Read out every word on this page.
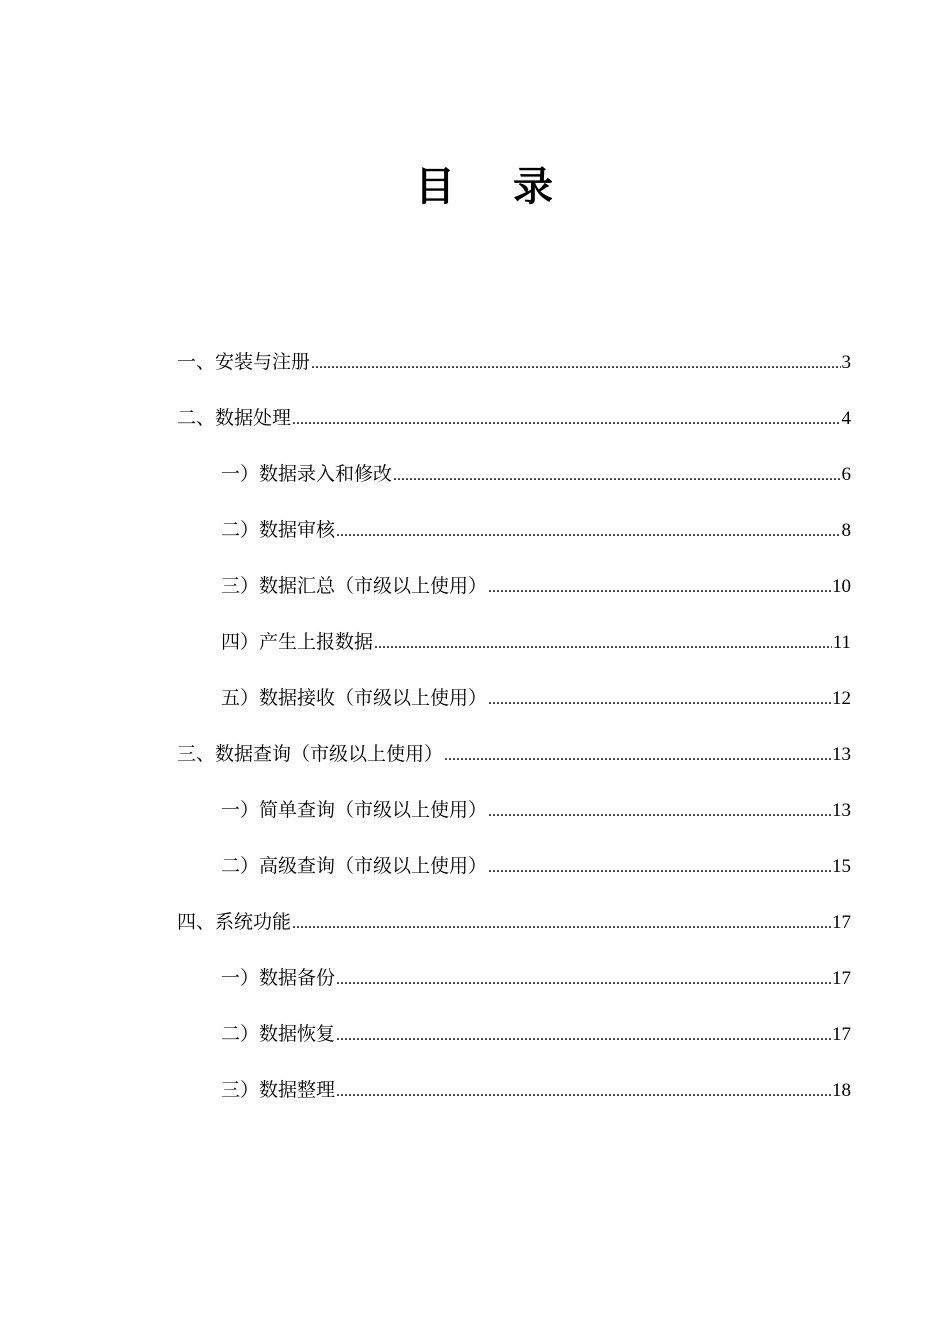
目 录
一、安装与注册 .....	3
二、数据处理 .....	4
一）数据录入和修改 .....	6
二）数据审核 .....	8
三）数据汇总（市级以上使用） .....	10
四）产生上报数据 .....	11
五）数据接收（市级以上使用） .....	12
三、数据查询（市级以上使用） .....	13
一）简单查询（市级以上使用） .....	13
二）高级查询（市级以上使用） .....	15
四、系统功能 .....	17
一）数据备份 .....	17
二）数据恢复 .....	17
三）数据整理 .....	18
